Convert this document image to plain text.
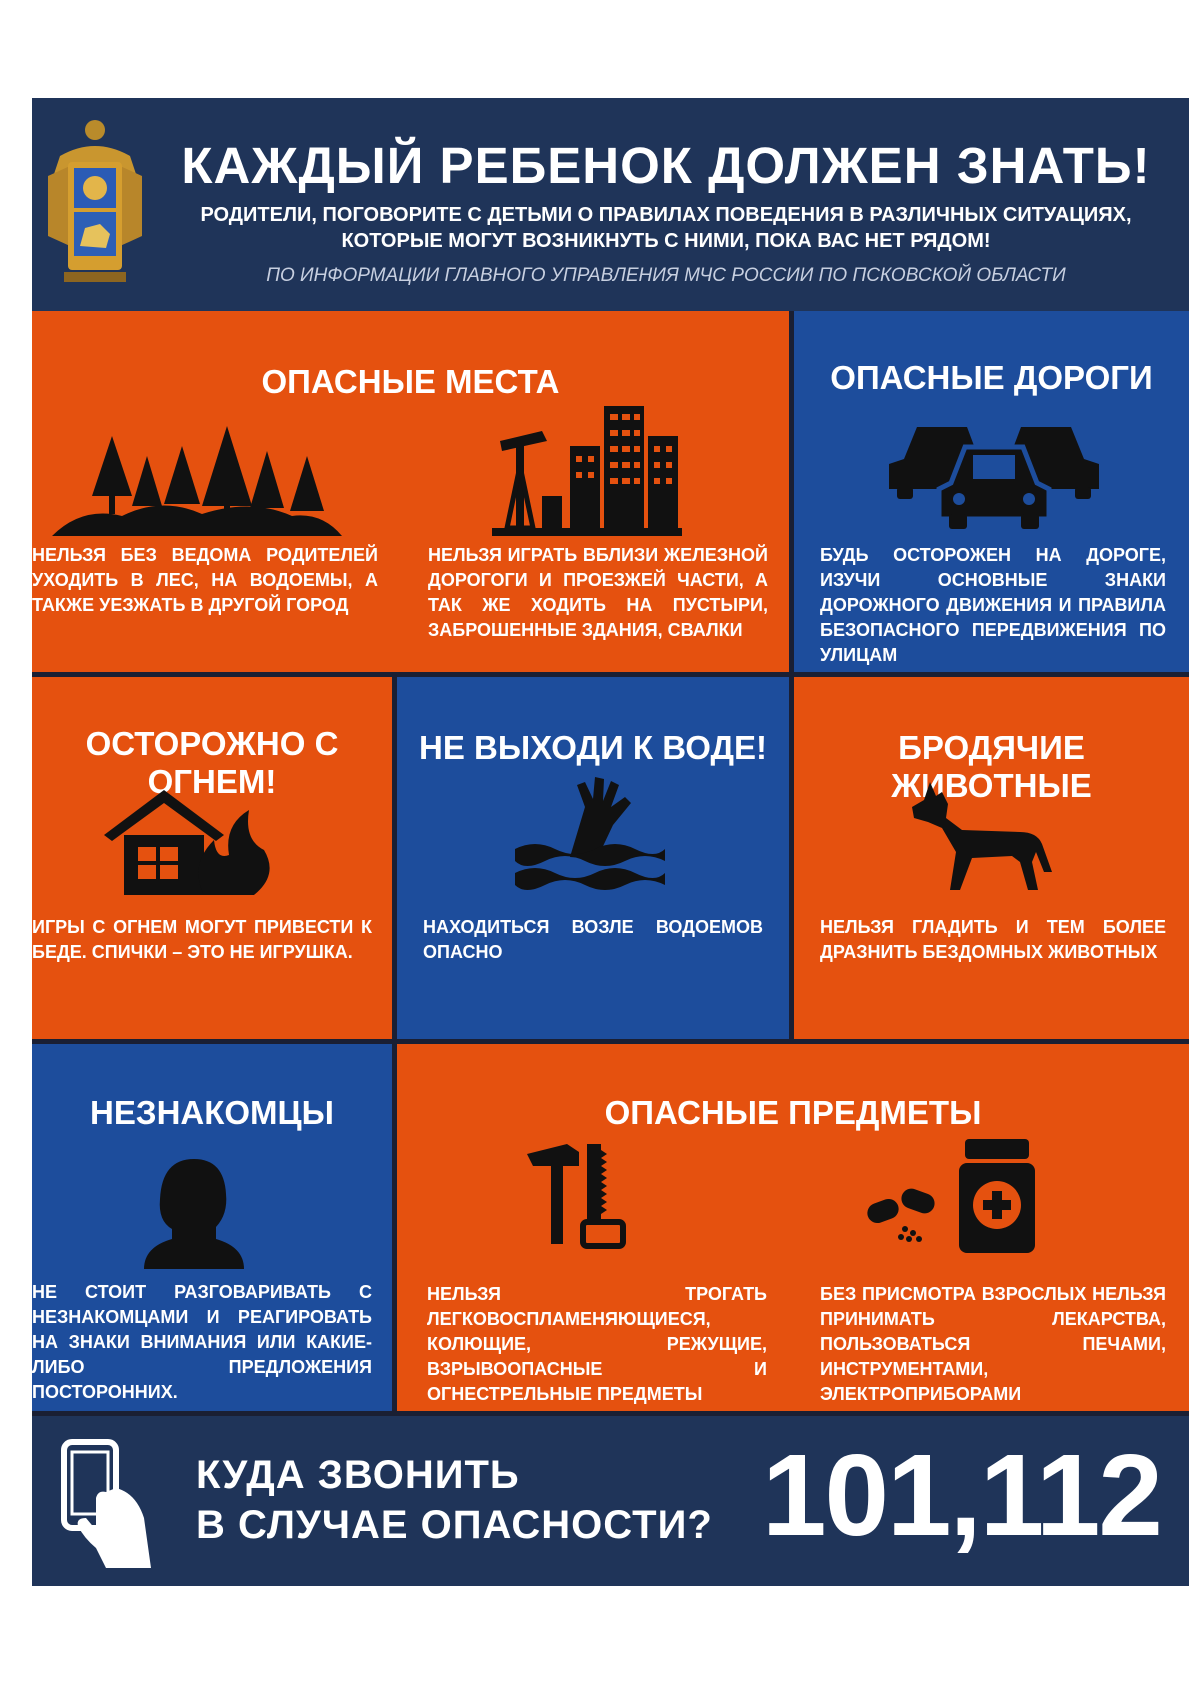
КАЖДЫЙ РЕБЕНОК ДОЛЖЕН ЗНАТЬ!
РОДИТЕЛИ, ПОГОВОРИТЕ С ДЕТЬМИ О ПРАВИЛАХ ПОВЕДЕНИЯ В РАЗЛИЧНЫХ СИТУАЦИЯХ,
КОТОРЫЕ МОГУТ ВОЗНИКНУТЬ С НИМИ, ПОКА ВАС НЕТ РЯДОМ!
ПО ИНФОРМАЦИИ ГЛАВНОГО УПРАВЛЕНИЯ МЧС РОССИИ ПО ПСКОВСКОЙ ОБЛАСТИ
ОПАСНЫЕ МЕСТА

НЕЛЬЗЯ БЕЗ ВЕДОМА РОДИТЕЛЕЙ УХОДИТЬ В ЛЕС, НА ВОДОЕМЫ, А ТАКЖЕ УЕЗЖАТЬ В ДРУГОЙ ГОРОД

НЕЛЬЗЯ ИГРАТЬ ВБЛИЗИ ЖЕЛЕЗНОЙ ДОРОГОГИ И ПРОЕЗЖЕЙ ЧАСТИ, А ТАК ЖЕ ХОДИТЬ НА ПУСТЫРИ, ЗАБРОШЕННЫЕ ЗДАНИЯ, СВАЛКИ

ОПАСНЫЕ ДОРОГИ

БУДЬ ОСТОРОЖЕН НА ДОРОГЕ, ИЗУЧИ ОСНОВНЫЕ ЗНАКИ ДОРОЖНОГО ДВИЖЕНИЯ И ПРАВИЛА БЕЗОПАСНОГО ПЕРЕДВИЖЕНИЯ ПО УЛИЦАМ

ОСТОРОЖНО С ОГНЕМ!

ИГРЫ С ОГНЕМ МОГУТ ПРИВЕСТИ К БЕДЕ. СПИЧКИ – ЭТО НЕ ИГРУШКА.

НЕ ВЫХОДИ К ВОДЕ!

НАХОДИТЬСЯ ВОЗЛЕ ВОДОЕМОВ ОПАСНО

БРОДЯЧИЕ ЖИВОТНЫЕ

НЕЛЬЗЯ ГЛАДИТЬ И ТЕМ БОЛЕЕ ДРАЗНИТЬ БЕЗДОМНЫХ ЖИВОТНЫХ

НЕЗНАКОМЦЫ

НЕ СТОИТ РАЗГОВАРИВАТЬ С НЕЗНАКОМЦАМИ И РЕАГИРОВАТЬ НА ЗНАКИ ВНИМАНИЯ ИЛИ КАКИЕ-ЛИБО ПРЕДЛОЖЕНИЯ ПОСТОРОННИХ.

ОПАСНЫЕ ПРЕДМЕТЫ

НЕЛЬЗЯ ТРОГАТЬ ЛЕГКОВОСПЛАМЕНЯЮЩИЕСЯ, КОЛЮЩИЕ, РЕЖУЩИЕ, ВЗРЫВООПАСНЫЕ И ОГНЕСТРЕЛЬНЫЕ ПРЕДМЕТЫ

БЕЗ ПРИСМОТРА ВЗРОСЛЫХ НЕЛЬЗЯ ПРИНИМАТЬ ЛЕКАРСТВА, ПОЛЬЗОВАТЬСЯ ПЕЧАМИ, ИНСТРУМЕНТАМИ, ЭЛЕКТРОПРИБОРАМИ

КУДА ЗВОНИТЬ
В СЛУЧАЕ ОПАСНОСТИ? 101,112
